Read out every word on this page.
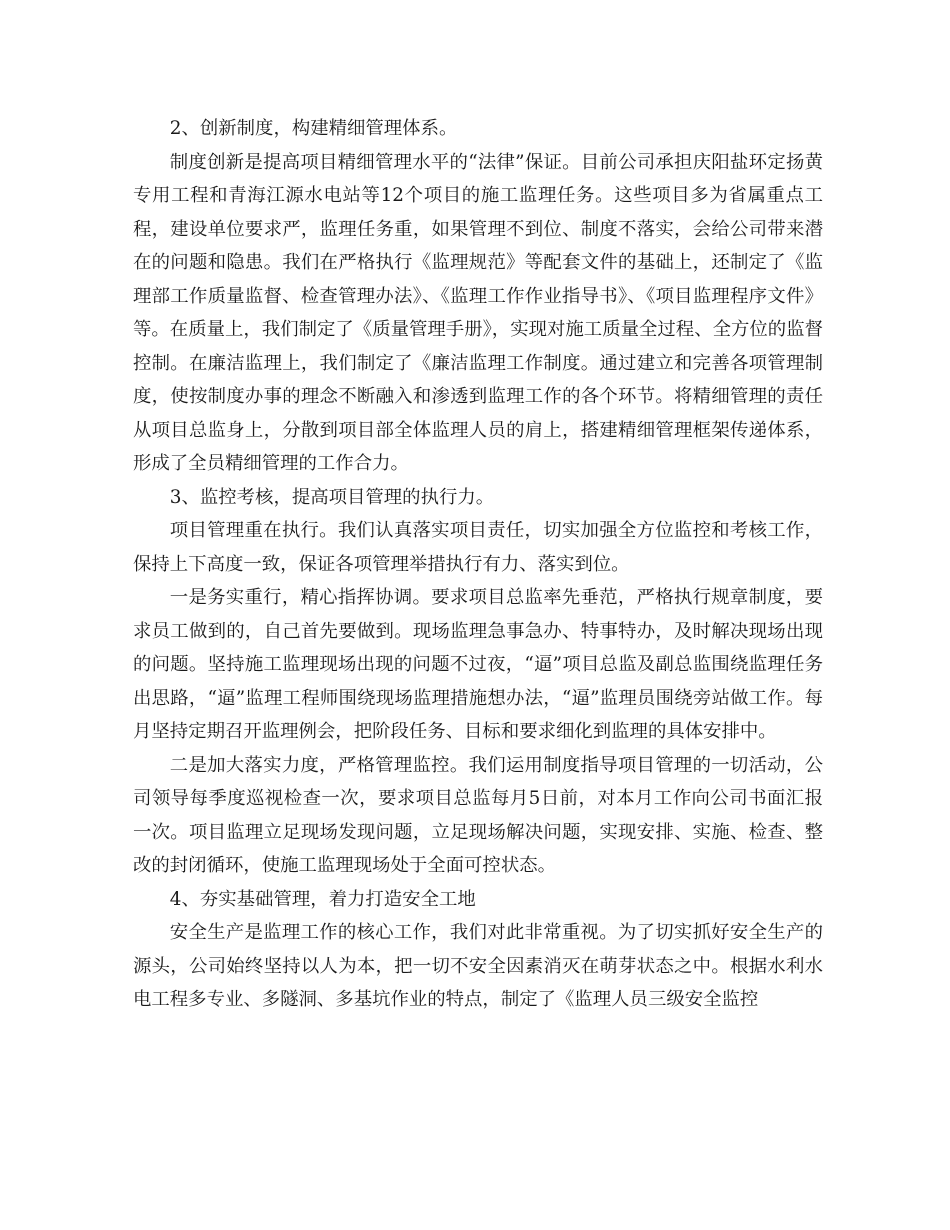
2、创新制度，构建精细管理体系。

制度创新是提高项目精细管理水平的“法律”保证。目前公司承担庆阳盐环定扬黄专用工程和青海江源水电站等12个项目的施工监理任务。这些项目多为省属重点工程，建设单位要求严，监理任务重，如果管理不到位、制度不落实，会给公司带来潜在的问题和隐患。我们在严格执行《监理规范》等配套文件的基础上，还制定了《监理部工作质量监督、检查管理办法》、《监理工作作业指导书》、《项目监理程序文件》等。在质量上，我们制定了《质量管理手册》，实现对施工质量全过程、全方位的监督控制。在廉洁监理上，我们制定了《廉洁监理工作制度。通过建立和完善各项管理制度，使按制度办事的理念不断融入和渗透到监理工作的各个环节。将精细管理的责任从项目总监身上，分散到项目部全体监理人员的肩上，搭建精细管理框架传递体系，形成了全员精细管理的工作合力。

3、监控考核，提高项目管理的执行力。

项目管理重在执行。我们认真落实项目责任，切实加强全方位监控和考核工作，保持上下高度一致，保证各项管理举措执行有力、落实到位。

一是务实重行，精心指挥协调。要求项目总监率先垂范，严格执行规章制度，要求员工做到的，自己首先要做到。现场监理急事急办、特事特办，及时解决现场出现的问题。坚持施工监理现场出现的问题不过夜，“逼”项目总监及副总监围绕监理任务出思路，“逼”监理工程师围绕现场监理措施想办法，“逼”监理员围绕旁站做工作。每月坚持定期召开监理例会，把阶段任务、目标和要求细化到监理的具体安排中。

二是加大落实力度，严格管理监控。我们运用制度指导项目管理的一切活动，公司领导每季度巡视检查一次，要求项目总监每月5日前，对本月工作向公司书面汇报一次。项目监理立足现场发现问题，立足现场解决问题，实现安排、实施、检查、整改的封闭循环，使施工监理现场处于全面可控状态。

4、夯实基础管理，着力打造安全工地

安全生产是监理工作的核心工作，我们对此非常重视。为了切实抓好安全生产的源头，公司始终坚持以人为本，把一切不安全因素消灭在萌芽状态之中。根据水利水电工程多专业、多隧洞、多基坑作业的特点，制定了《监理人员三级安全监控
